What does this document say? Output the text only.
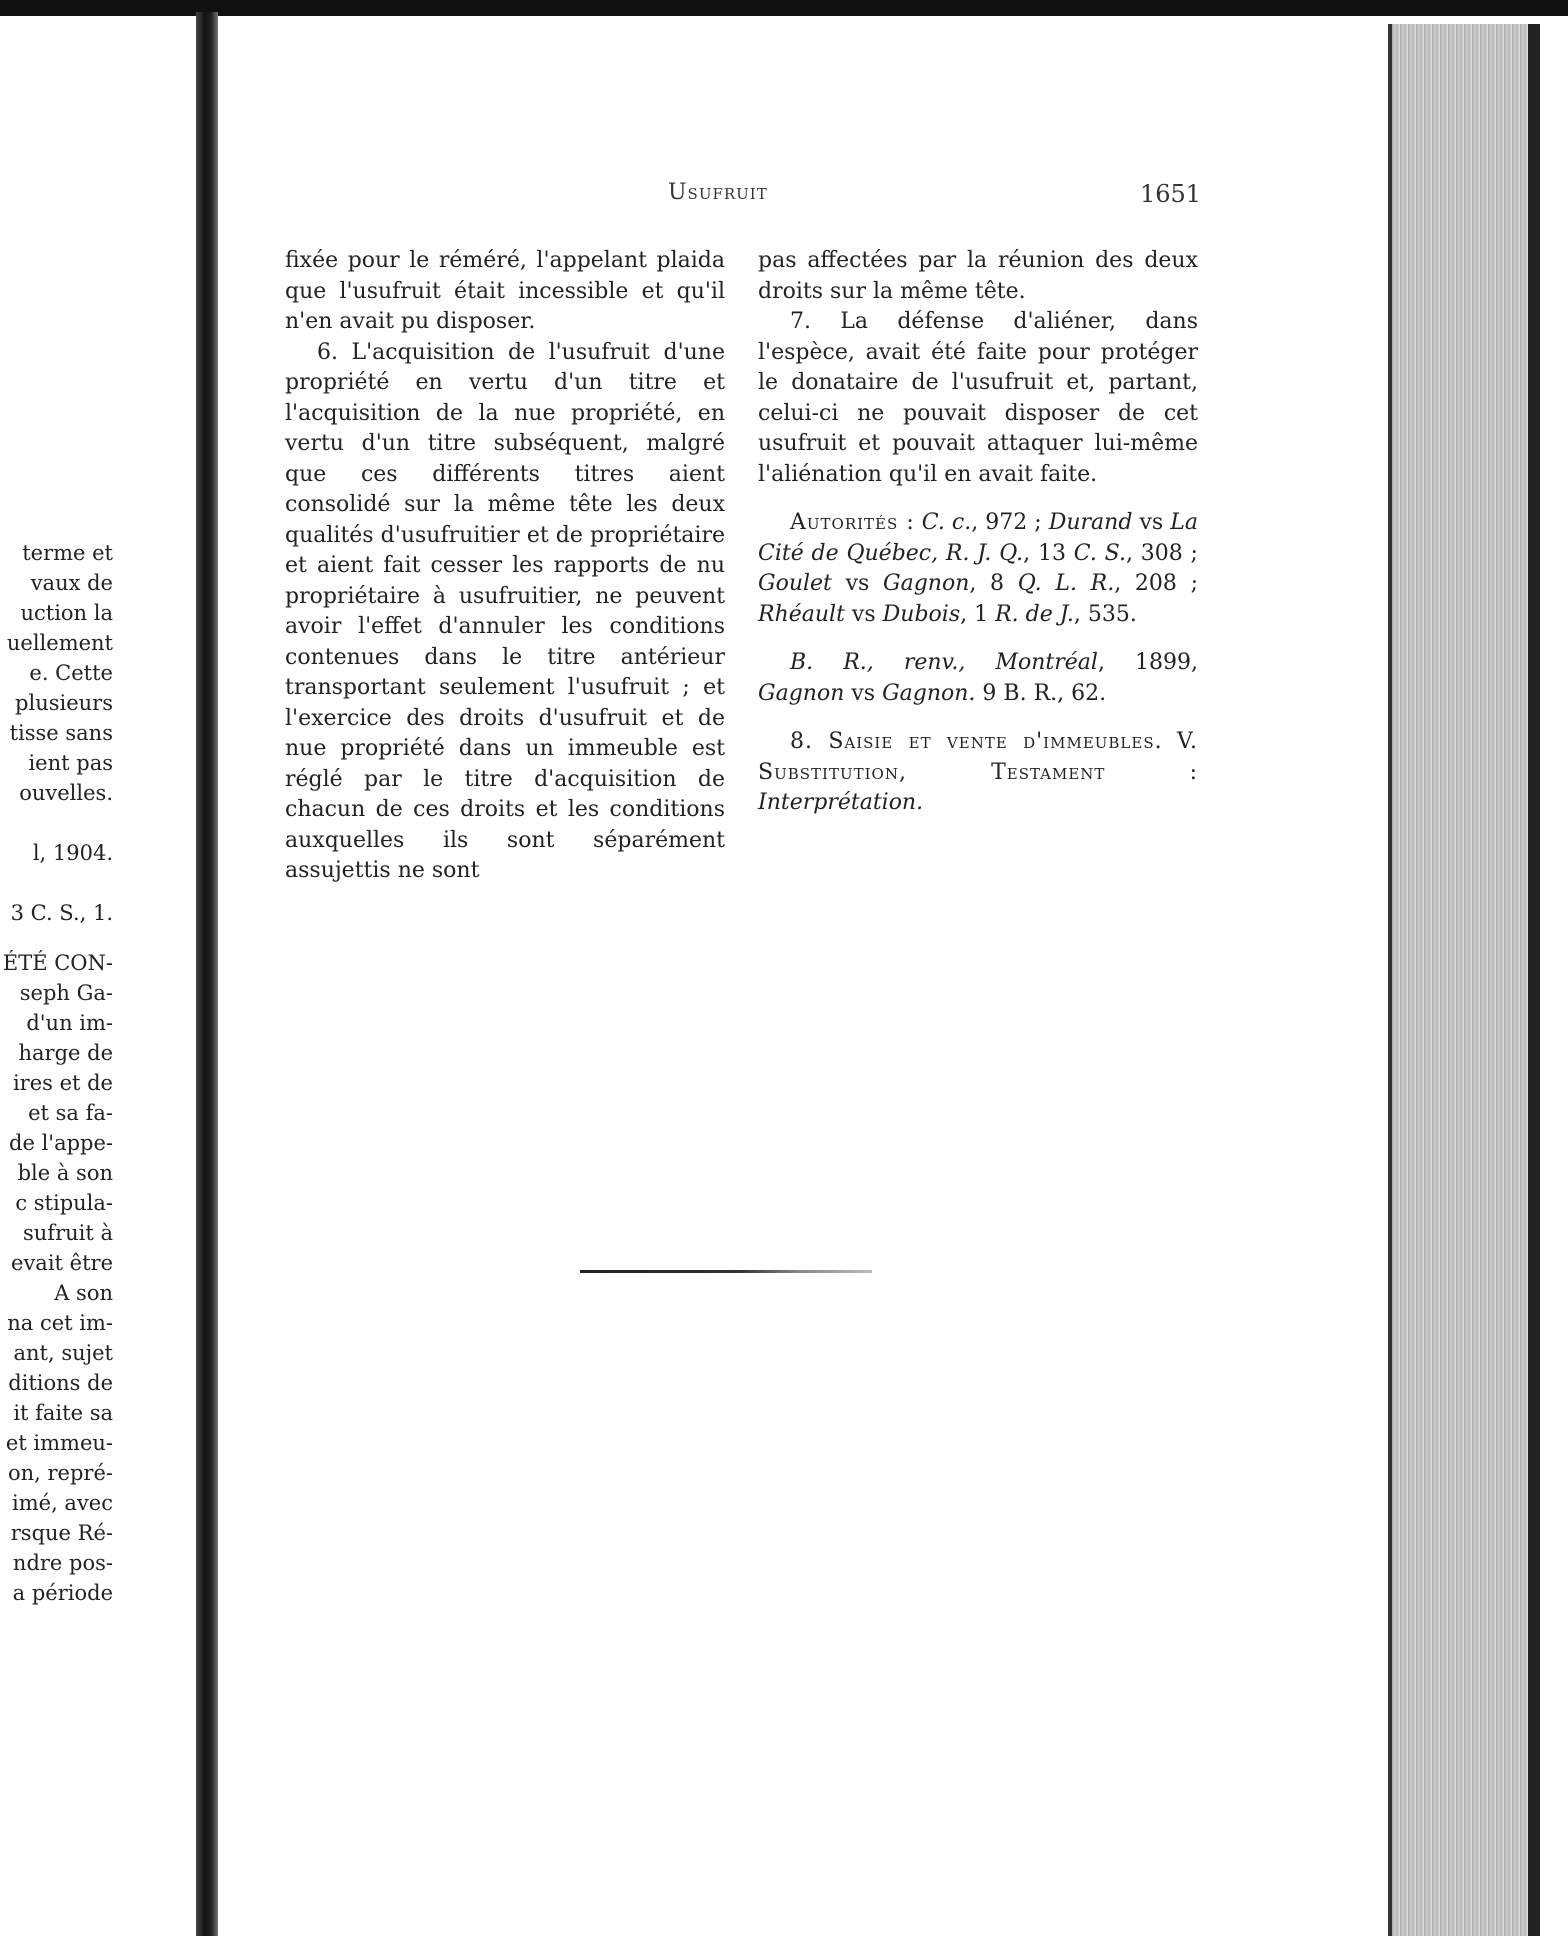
terme et
vaux de
uction la
uellement
e. Cette
plusieurs
tisse sans
ient pas
ouvelles.
l, 1904.
3 C. S., 1.
ÉTÉ CON-
seph Ga-
d'un im-
harge de
ires et de
et sa fa-
de l'appe-
ble à son
c stipula-
sufruit à
evait être
A son
na cet im-
ant, sujet
ditions de
it faite sa
et immeu-
on, repré-
imé, avec
rsque Ré-
ndre pos-
a période
Usufruit	1651

fixée pour le réméré, l'appelant plaida que l'usufruit était incessible et qu'il n'en avait pu disposer.

6. L'acquisition de l'usufruit d'une propriété en vertu d'un titre et l'acquisition de la nue propriété, en vertu d'un titre subséquent, malgré que ces différents titres aient consolidé sur la même tête les deux qualités d'usufruitier et de propriétaire et aient fait cesser les rapports de nu propriétaire à usufruitier, ne peuvent avoir l'effet d'annuler les conditions contenues dans le titre antérieur transportant seulement l'usufruit ; et l'exercice des droits d'usufruit et de nue propriété dans un immeuble est réglé par le titre d'acquisition de chacun de ces droits et les conditions auxquelles ils sont séparément assujettis ne sont

pas affectées par la réunion des deux droits sur la même tête.

7. La défense d'aliéner, dans l'espèce, avait été faite pour protéger le donataire de l'usufruit et, partant, celui-ci ne pouvait disposer de cet usufruit et pouvait attaquer lui-même l'aliénation qu'il en avait faite.

Autorités : C. c., 972 ; Durand vs La Cité de Québec, R. J. Q., 13 C. S., 308 ; Goulet vs Gagnon, 8 Q. L. R., 208 ; Rhéault vs Dubois, 1 R. de J., 535.

B. R., renv., Montréal, 1899, Gagnon vs Gagnon. 9 B. R., 62.

8. Saisie et vente d'immeubles. V. Substitution, Testament : Interprétation.
